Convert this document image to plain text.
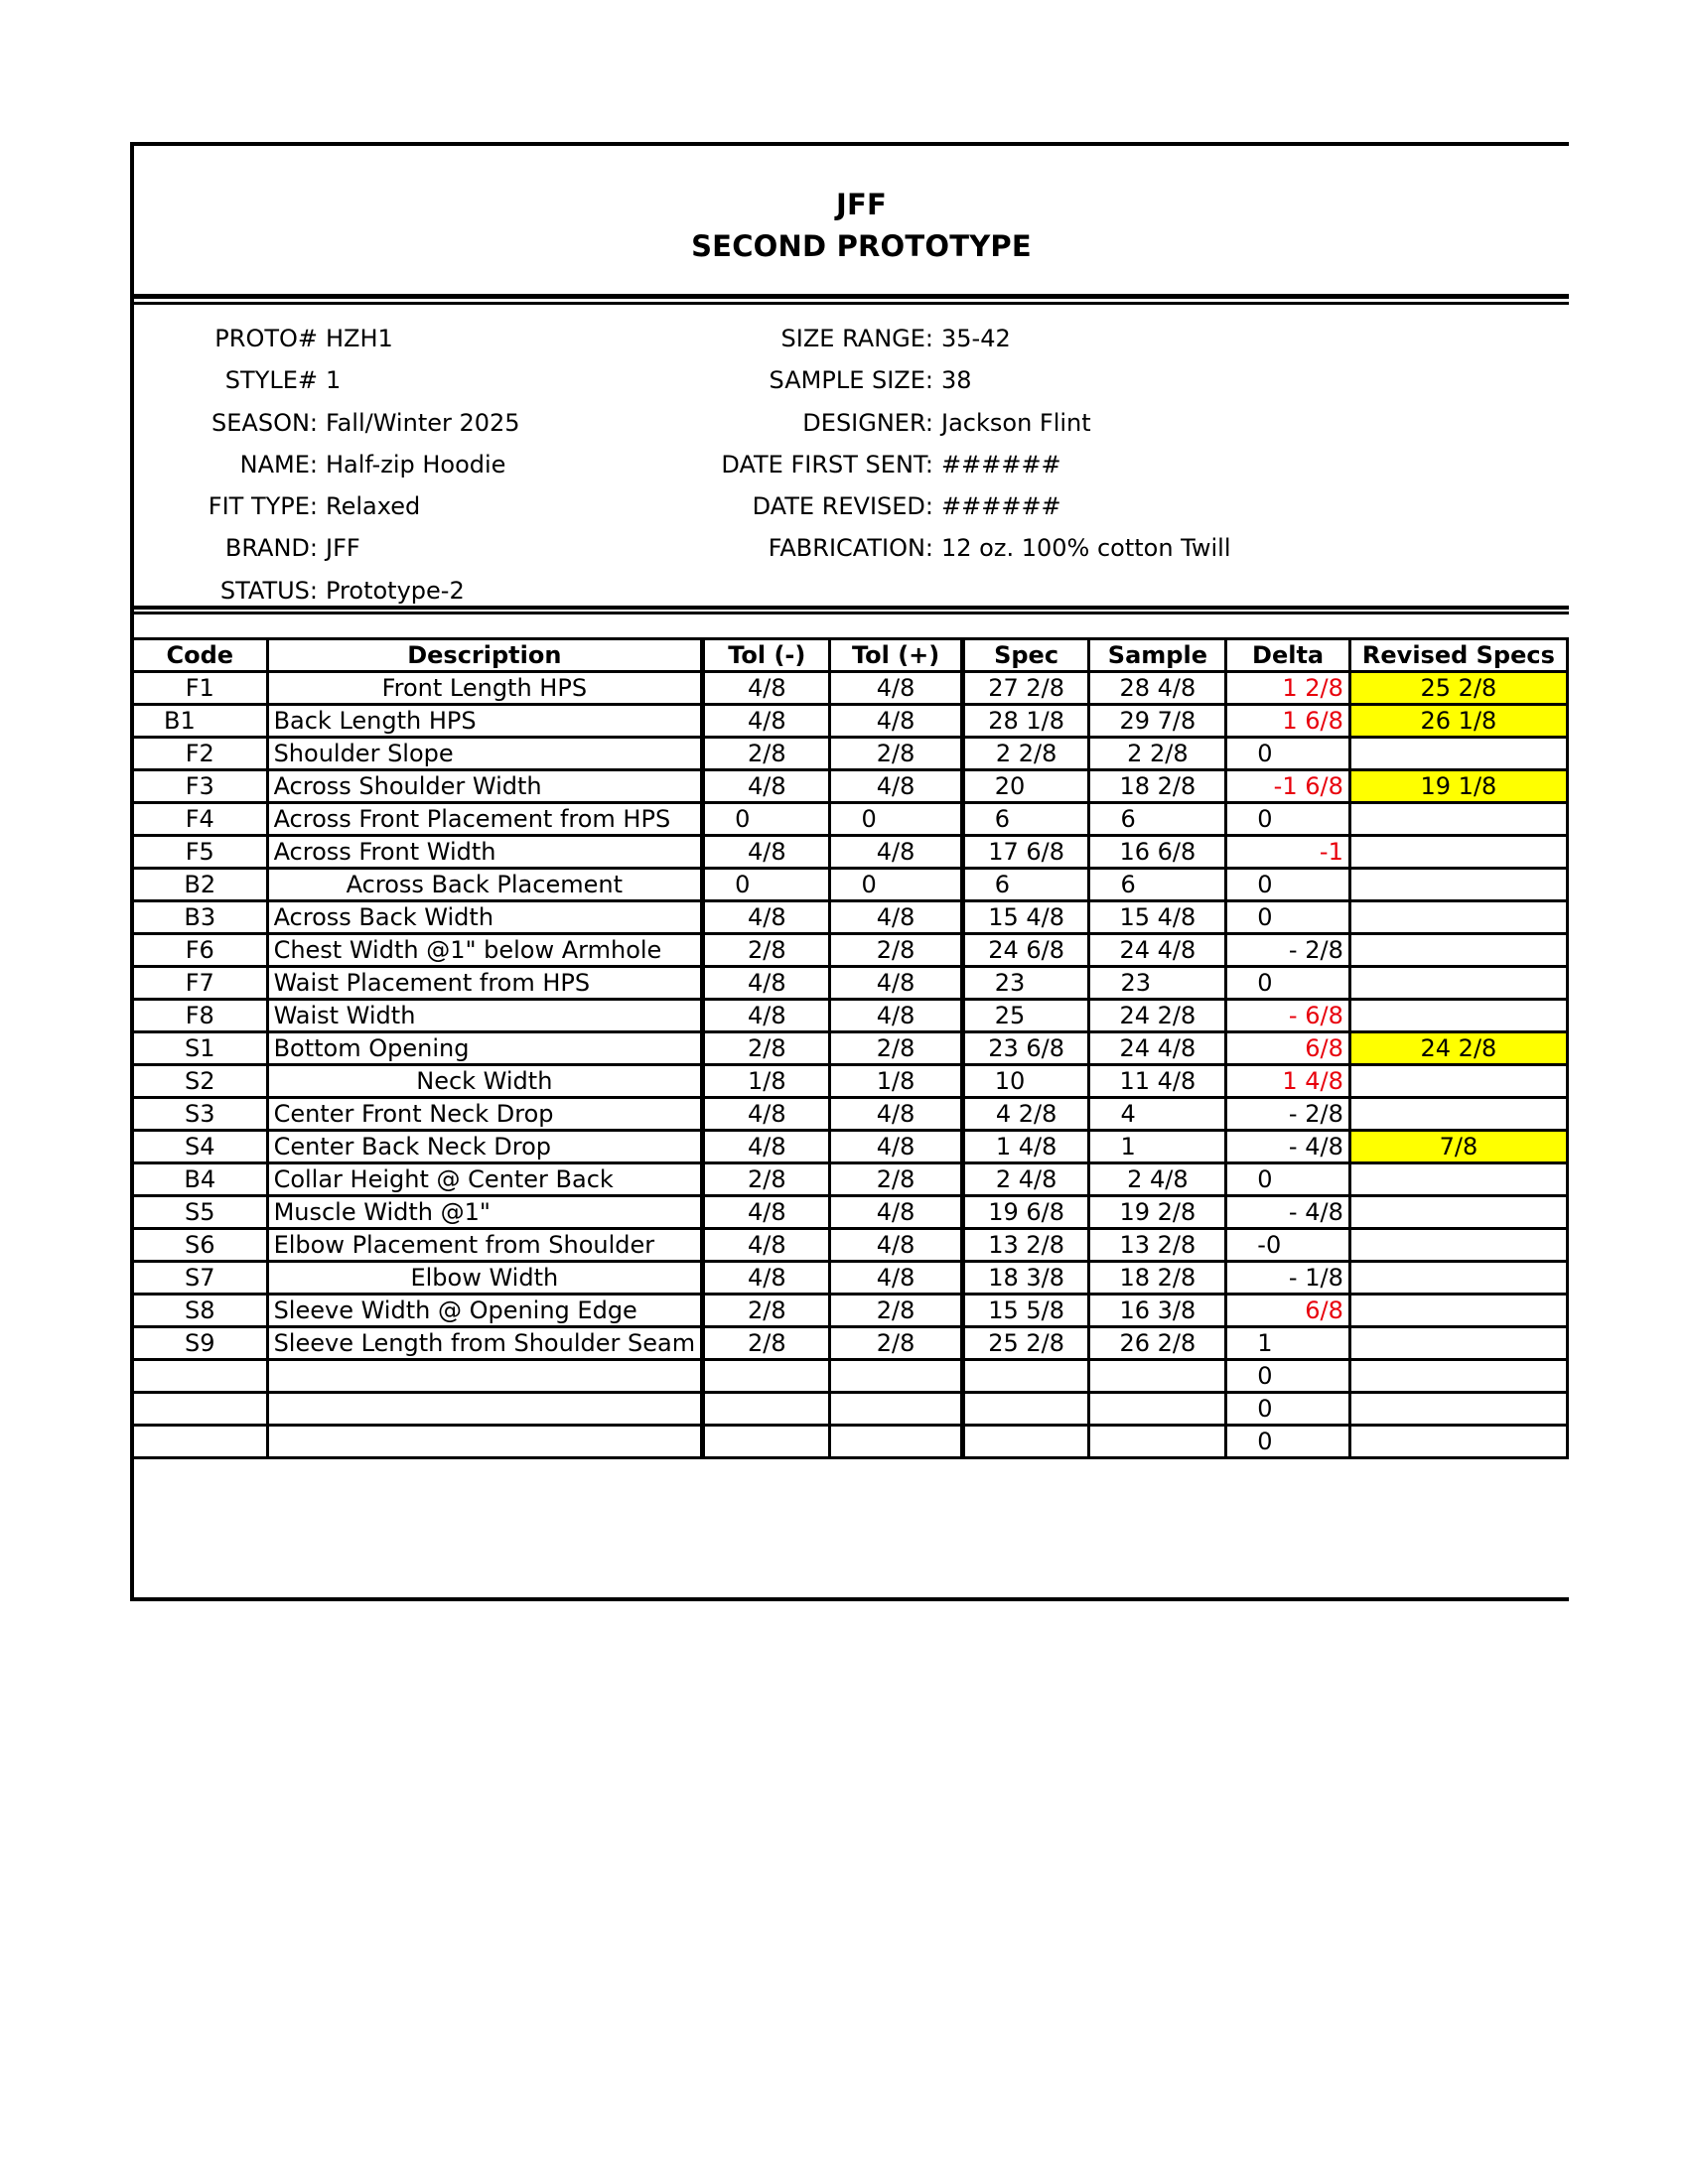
JFF
SECOND PROTOTYPE
PROTO# HZH1
STYLE# 1
SEASON: Fall/Winter 2025
NAME: Half-zip Hoodie
FIT TYPE: Relaxed
BRAND: JFF
STATUS: Prototype-2
SIZE RANGE: 35-42
SAMPLE SIZE: 38
DESIGNER: Jackson Flint
DATE FIRST SENT: ######
DATE REVISED: ######
FABRICATION: 12 oz. 100% cotton Twill
Code	Description	Tol (-)	Tol (+)	Spec	Sample	Delta	Revised Specs
F1	Front Length HPS	4/8	4/8	27 2/8	28 4/8	1 2/8	25 2/8
B1	Back Length HPS	4/8	4/8	28 1/8	29 7/8	1 6/8	26 1/8
F2	Shoulder Slope	2/8	2/8	2 2/8	2 2/8	0	
F3	Across Shoulder Width	4/8	4/8	20	18 2/8	-1 6/8	19 1/8
F4	Across Front Placement from HPS	0	0	6	6	0	
F5	Across Front Width	4/8	4/8	17 6/8	16 6/8	-1	
B2	Across Back Placement	0	0	6	6	0	
B3	Across Back Width	4/8	4/8	15 4/8	15 4/8	0	
F6	Chest Width @1" below Armhole	2/8	2/8	24 6/8	24 4/8	- 2/8	
F7	Waist Placement from HPS	4/8	4/8	23	23	0	
F8	Waist Width	4/8	4/8	25	24 2/8	- 6/8	
S1	Bottom Opening	2/8	2/8	23 6/8	24 4/8	6/8	24 2/8
S2	Neck Width	1/8	1/8	10	11 4/8	1 4/8	
S3	Center Front Neck Drop	4/8	4/8	4 2/8	4	- 2/8	
S4	Center Back Neck Drop	4/8	4/8	1 4/8	1	- 4/8	7/8
B4	Collar Height @ Center Back	2/8	2/8	2 4/8	2 4/8	0	
S5	Muscle Width @1"	4/8	4/8	19 6/8	19 2/8	- 4/8	
S6	Elbow Placement from Shoulder	4/8	4/8	13 2/8	13 2/8	-0	
S7	Elbow Width	4/8	4/8	18 3/8	18 2/8	- 1/8	
S8	Sleeve Width @ Opening Edge	2/8	2/8	15 5/8	16 3/8	6/8	
S9	Sleeve Length from Shoulder Seam	2/8	2/8	25 2/8	26 2/8	1	
						0	
						0	
						0	
